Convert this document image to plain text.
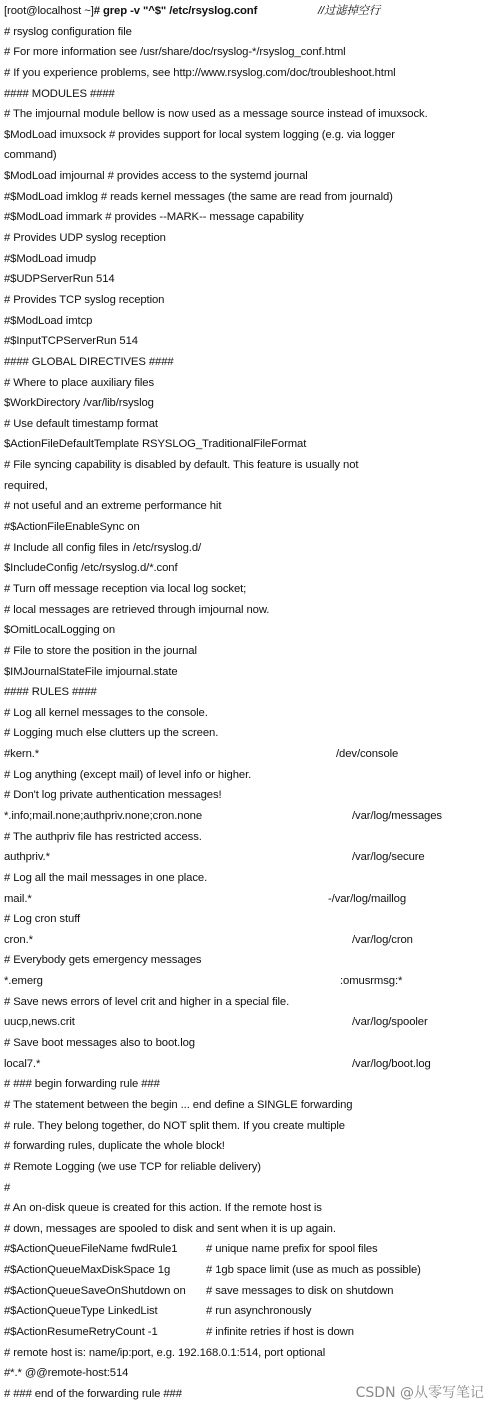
[root@localhost ~]# grep -v "^$" /etc/rsyslog.conf	//过滤掉空行
# rsyslog configuration file
# For more information see /usr/share/doc/rsyslog-*/rsyslog_conf.html
# If you experience problems, see http://www.rsyslog.com/doc/troubleshoot.html
#### MODULES ####
# The imjournal module bellow is now used as a message source instead of imuxsock.
$ModLoad imuxsock # provides support for local system logging (e.g. via logger
command)
$ModLoad imjournal # provides access to the systemd journal
#$ModLoad imklog # reads kernel messages (the same are read from journald)
#$ModLoad immark # provides --MARK-- message capability
# Provides UDP syslog reception
#$ModLoad imudp
#$UDPServerRun 514
# Provides TCP syslog reception
#$ModLoad imtcp
#$InputTCPServerRun 514
#### GLOBAL DIRECTIVES ####
# Where to place auxiliary files
$WorkDirectory /var/lib/rsyslog
# Use default timestamp format
$ActionFileDefaultTemplate RSYSLOG_TraditionalFileFormat
# File syncing capability is disabled by default. This feature is usually not
required,
# not useful and an extreme performance hit
#$ActionFileEnableSync on
# Include all config files in /etc/rsyslog.d/
$IncludeConfig /etc/rsyslog.d/*.conf
# Turn off message reception via local log socket;
# local messages are retrieved through imjournal now.
$OmitLocalLogging on
# File to store the position in the journal
$IMJournalStateFile imjournal.state
#### RULES ####
# Log all kernel messages to the console.
# Logging much else clutters up the screen.
#kern.*	/dev/console
# Log anything (except mail) of level info or higher.
# Don't log private authentication messages!
*.info;mail.none;authpriv.none;cron.none	/var/log/messages
# The authpriv file has restricted access.
authpriv.*	/var/log/secure
# Log all the mail messages in one place.
mail.*	-/var/log/maillog
# Log cron stuff
cron.*	/var/log/cron
# Everybody gets emergency messages
*.emerg	:omusrmsg:*
# Save news errors of level crit and higher in a special file.
uucp,news.crit	/var/log/spooler
# Save boot messages also to boot.log
local7.*	/var/log/boot.log
# ### begin forwarding rule ###
# The statement between the begin ... end define a SINGLE forwarding
# rule. They belong together, do NOT split them. If you create multiple
# forwarding rules, duplicate the whole block!
# Remote Logging (we use TCP for reliable delivery)
#
# An on-disk queue is created for this action. If the remote host is
# down, messages are spooled to disk and sent when it is up again.
#$ActionQueueFileName fwdRule1	# unique name prefix for spool files
#$ActionQueueMaxDiskSpace 1g	# 1gb space limit (use as much as possible)
#$ActionQueueSaveOnShutdown on # save messages to disk on shutdown
#$ActionQueueType LinkedList	# run asynchronously
#$ActionResumeRetryCount -1	# infinite retries if host is down
# remote host is: name/ip:port, e.g. 192.168.0.1:514, port optional
#*.* @@remote-host:514
# ### end of the forwarding rule ###	CSDN @从零写笔记
